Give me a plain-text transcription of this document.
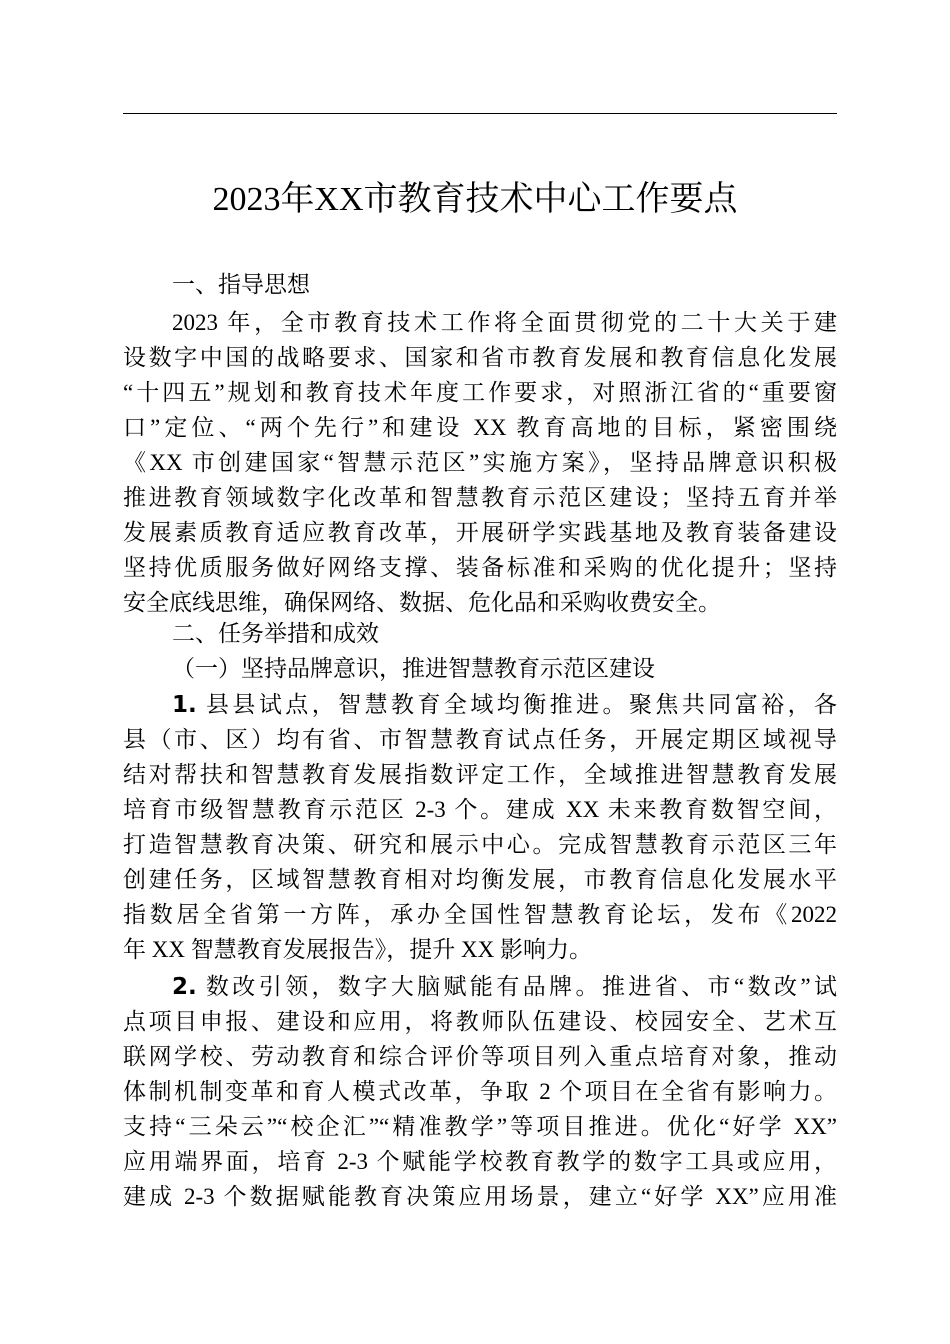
2023年XX市教育技术中心工作要点
一、指导思想
2023 年，全市教育技术工作将全面贯彻党的二十大关于建
设数字中国的战略要求、国家和省市教育发展和教育信息化发展
“十四五”规划和教育技术年度工作要求，对照浙江省的“重要窗
口”定位、“两个先行”和建设 XX 教育高地的目标，紧密围绕
《XX 市创建国家“智慧示范区”实施方案》，坚持品牌意识积极
推进教育领域数字化改革和智慧教育示范区建设；坚持五育并举
发展素质教育适应教育改革，开展研学实践基地及教育装备建设
坚持优质服务做好网络支撑、装备标准和采购的优化提升；坚持
安全底线思维，确保网络、数据、危化品和采购收费安全。
二、任务举措和成效
（一）坚持品牌意识，推进智慧教育示范区建设
1. 县县试点，智慧教育全域均衡推进。聚焦共同富裕，各
县（市、区）均有省、市智慧教育试点任务，开展定期区域视导
结对帮扶和智慧教育发展指数评定工作，全域推进智慧教育发展
培育市级智慧教育示范区 2-3 个。建成 XX 未来教育数智空间，
打造智慧教育决策、研究和展示中心。完成智慧教育示范区三年
创建任务，区域智慧教育相对均衡发展，市教育信息化发展水平
指数居全省第一方阵，承办全国性智慧教育论坛，发布《2022
年 XX 智慧教育发展报告》，提升 XX 影响力。
2. 数改引领，数字大脑赋能有品牌。推进省、市“数改”试
点项目申报、建设和应用，将教师队伍建设、校园安全、艺术互
联网学校、劳动教育和综合评价等项目列入重点培育对象，推动
体制机制变革和育人模式改革，争取 2 个项目在全省有影响力。
支持“三朵云”“校企汇”“精准教学”等项目推进。优化“好学 XX”
应用端界面，培育 2-3 个赋能学校教育教学的数字工具或应用，
建成 2-3 个数据赋能教育决策应用场景，建立“好学 XX”应用准
